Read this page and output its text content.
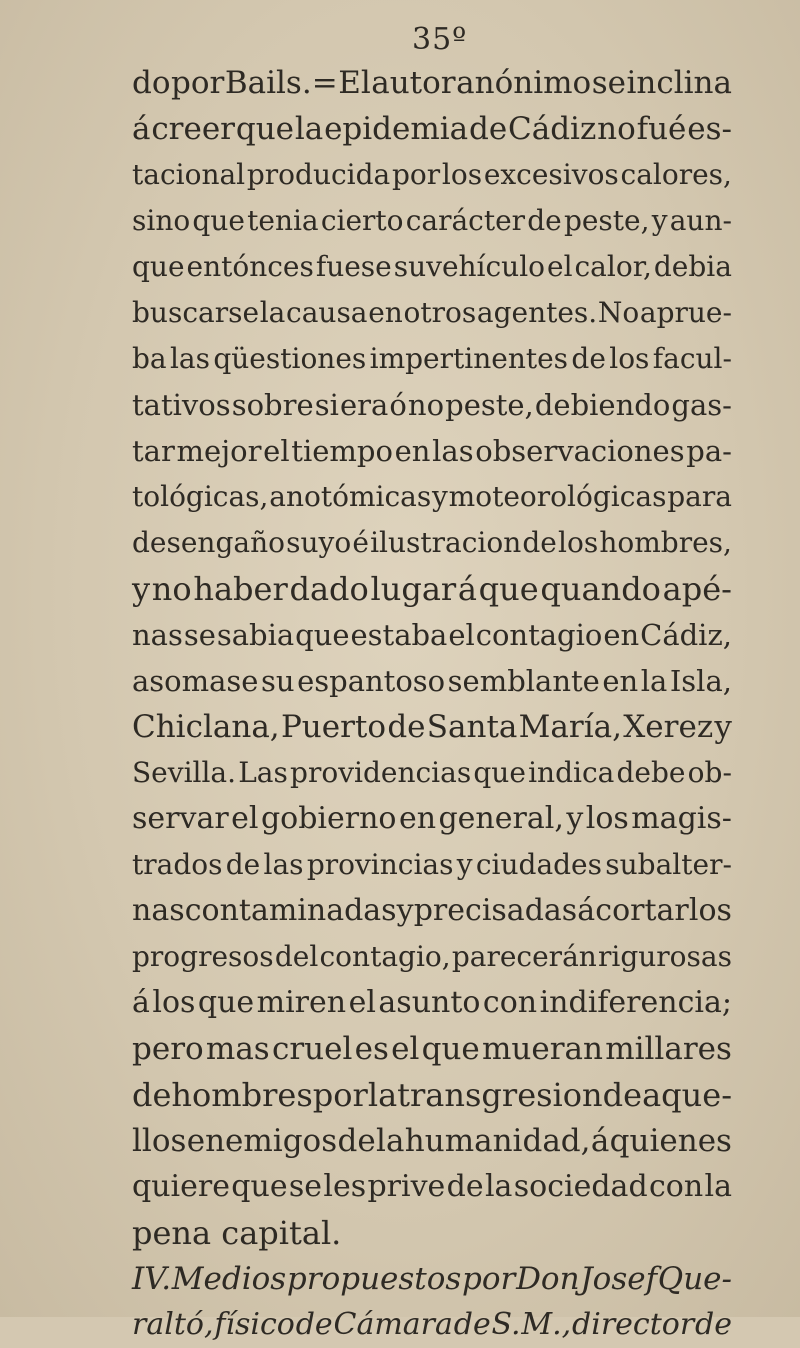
35º
do por Bails.= El autor anónimo se inclina
á creer que la epidemia de Cádiz no fué es-
tacional producida por los excesivos calores,
sino que tenia cierto carácter de peste, y aun-
que entónces fuese suvehículo el calor, debia
buscarse la causa en otros agentes. No aprue-
ba las qüestiones impertinentes de los facul-
tativos sobre si era ó no peste, debiendo gas-
tar mejor el tiempo en las observaciones pa-
tológicas, anotómicas y moteorológicas para
desengaño suyo é ilustracion de los hombres,
y no haber dado lugar á que quando apé-
nas se sabia que estaba el contagio en Cádiz,
asomase su espantoso semblante en la Isla,
Chiclana, Puerto de Santa María, Xerez y
Sevilla. Las providencias que indica debe ob-
servar el gobierno en general, y los magis-
trados de las provincias y ciudades subalter-
nas contaminadas y precisadas á cortar los
progresos del contagio, parecerán rigurosas
á los que miren el asunto con indiferencia;
pero mas cruel es el que mueran millares
de hombres por la transgresion de aque-
llos enemigos de la humanidad, á quienes
quiere que se les prive de la sociedad con la
pena capital.
IV. Medios propuestos por Don Josef Que-
raltó, físico de Cámara de S. M., director de
